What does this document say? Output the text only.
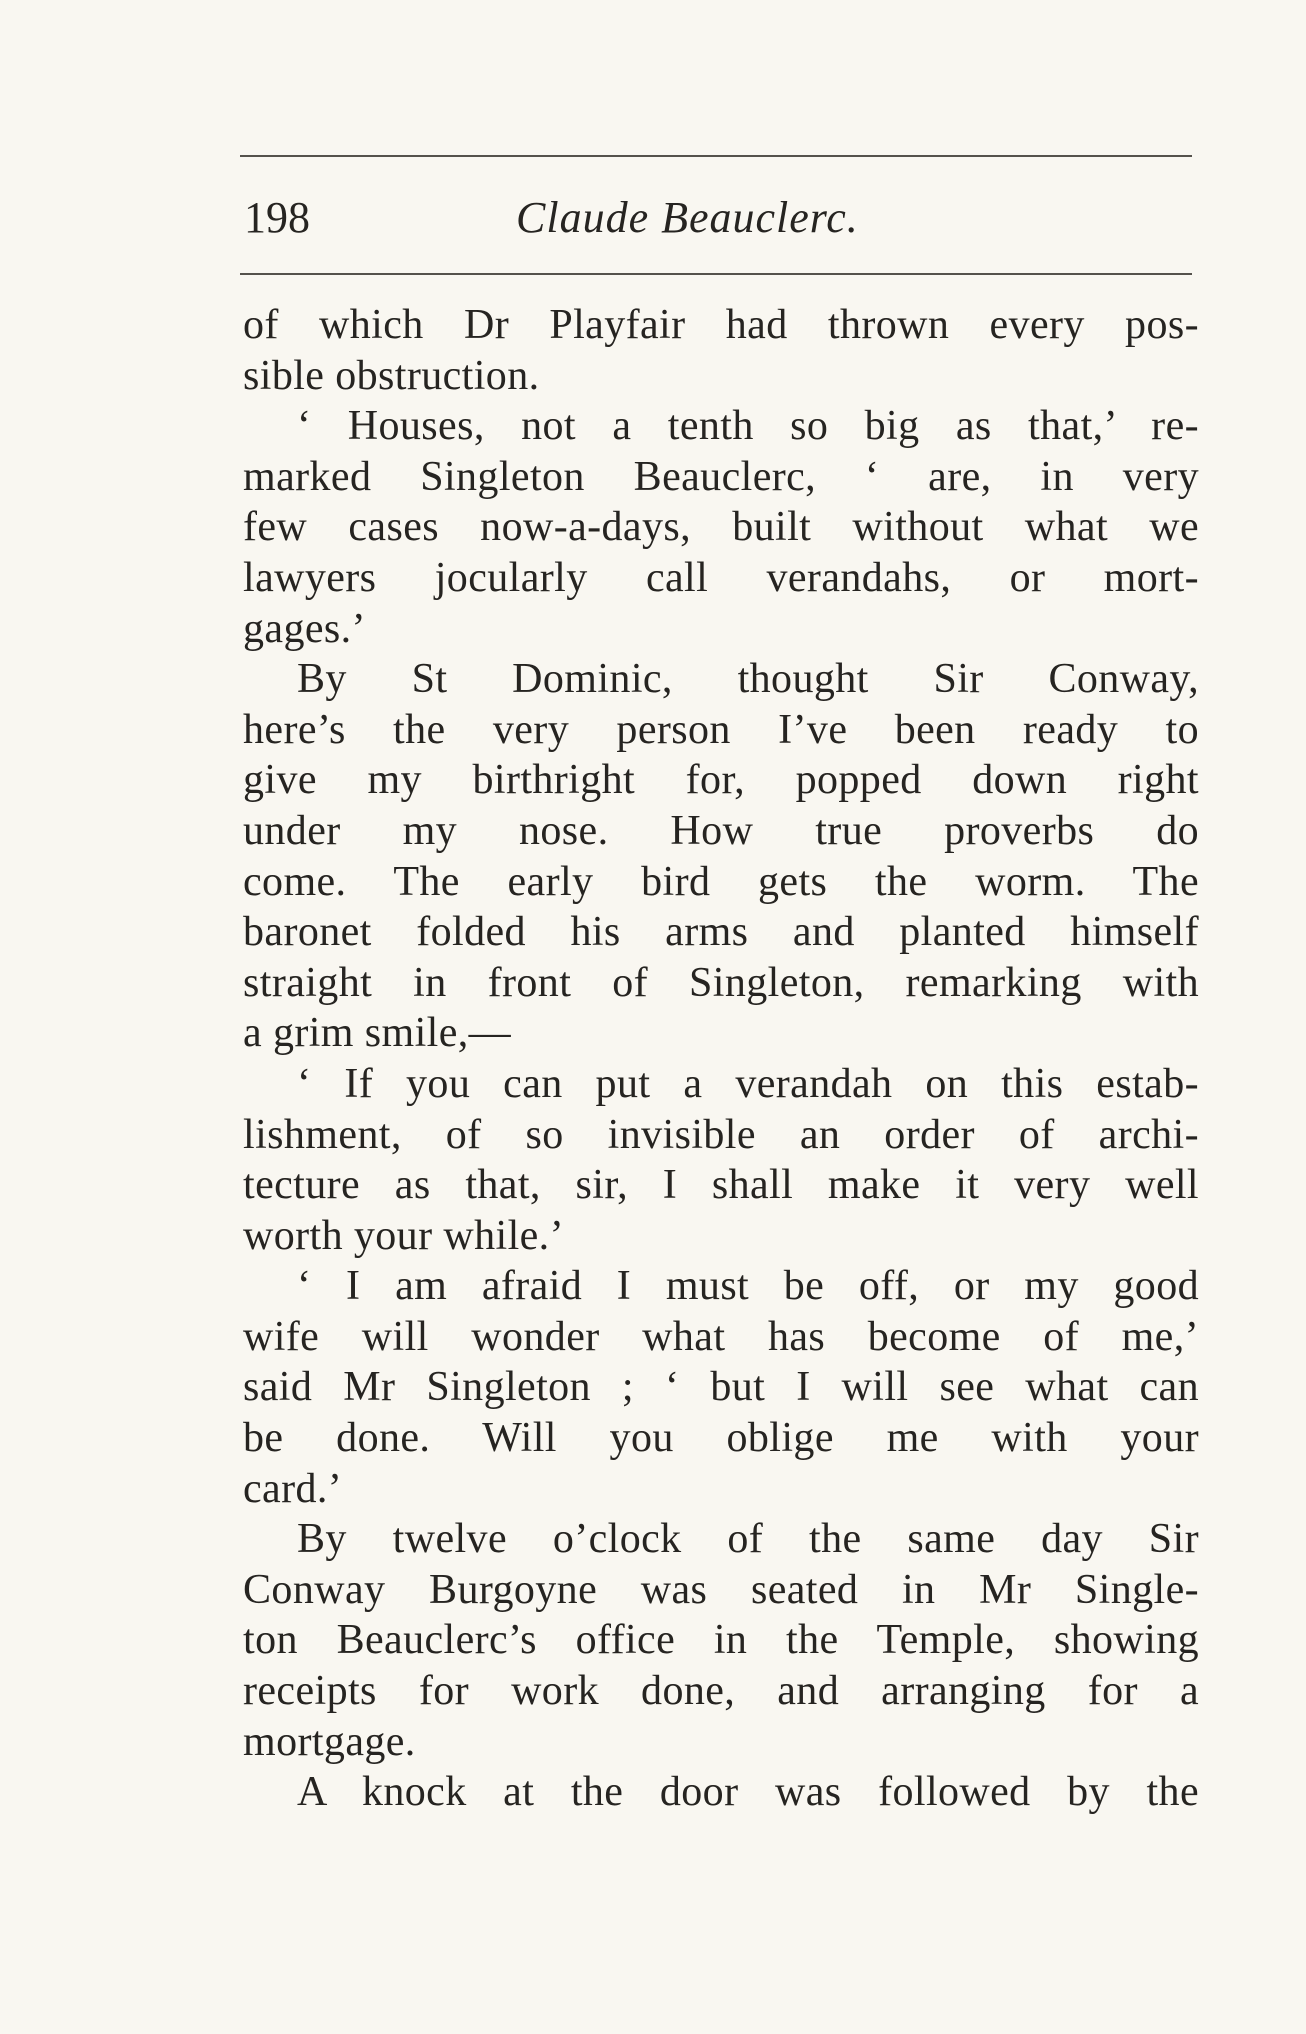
198	Claude Beauclerc.
of which Dr Playfair had thrown every pos-
sible obstruction.
‘ Houses, not a tenth so big as that,’ re-
marked Singleton Beauclerc, ‘ are, in very
few cases now-a-days, built without what we
lawyers jocularly call verandahs, or mort-
gages.’
By St Dominic, thought Sir Conway,
here’s the very person I’ve been ready to
give my birthright for, popped down right
under my nose. How true proverbs do
come. The early bird gets the worm. The
baronet folded his arms and planted himself
straight in front of Singleton, remarking with
a grim smile,—
‘ If you can put a verandah on this estab-
lishment, of so invisible an order of archi-
tecture as that, sir, I shall make it very well
worth your while.’
‘ I am afraid I must be off, or my good
wife will wonder what has become of me,’
said Mr Singleton ; ‘ but I will see what can
be done. Will you oblige me with your
card.’
By twelve o’clock of the same day Sir
Conway Burgoyne was seated in Mr Single-
ton Beauclerc’s office in the Temple, showing
receipts for work done, and arranging for a
mortgage.
A knock at the door was followed by the
